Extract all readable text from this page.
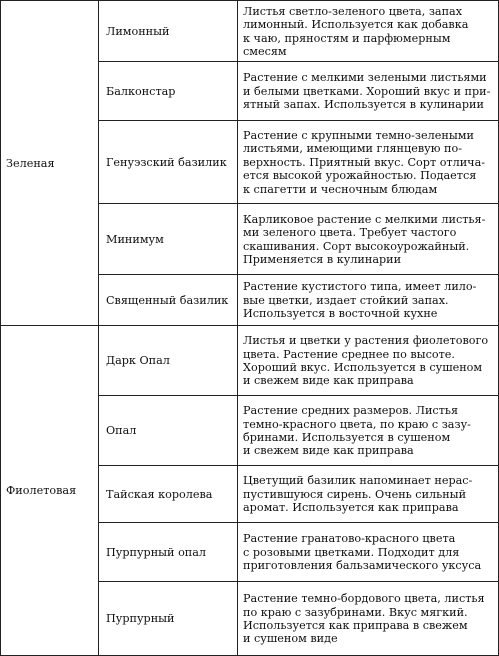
Зеленая	Лимонный	Листья светло-зеленого цвета, запах
лимонный. Используется как добавка
к чаю, пряностям и парфюмерным
смесям
	Балконстар	Растение с мелкими зелеными листьями
и белыми цветками. Хороший вкус и при-
ятный запах. Используется в кулинарии
	Генуэзский базилик	Растение с крупными темно-зелеными
листьями, имеющими глянцевую по-
верхность. Приятный вкус. Сорт отлича-
ется высокой урожайностью. Подается
к спагетти и чесночным блюдам
	Минимум	Карликовое растение с мелкими листья-
ми зеленого цвета. Требует частого
скашивания. Сорт высокоурожайный.
Применяется в кулинарии
	Священный базилик	Растение кустистого типа, имеет лило-
вые цветки, издает стойкий запах.
Используется в восточной кухне
Фиолетовая	Дарк Опал	Листья и цветки у растения фиолетового
цвета. Растение среднее по высоте.
Хороший вкус. Используется в сушеном
и свежем виде как приправа
	Опал	Растение средних размеров. Листья
темно-красного цвета, по краю с зазу-
бринами. Используется в сушеном
и свежем виде как приправа
	Тайская королева	Цветущий базилик напоминает нерас-
пустившуюся сирень. Очень сильный
аромат. Используется как приправа
	Пурпурный опал	Растение гранатово-красного цвета
с розовыми цветками. Подходит для
приготовления бальзамического уксуса
	Пурпурный	Растение темно-бордового цвета, листья
по краю с зазубринами. Вкус мягкий.
Используется как приправа в свежем
и сушеном виде
